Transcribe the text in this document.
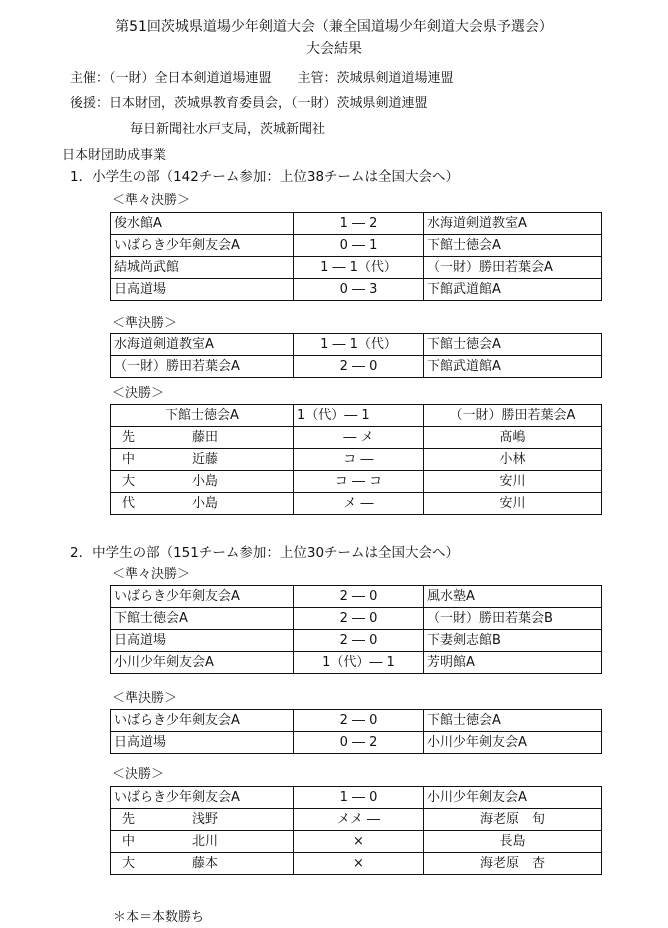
第51回茨城県道場少年剣道大会（兼全国道場少年剣道大会県予選会）
大会結果
主催：（一財）全日本剣道道場連盟　　主管：茨城県剣道道場連盟
後援：日本財団，茨城県教育委員会，（一財）茨城県剣道連盟
毎日新聞社水戸支局，茨城新聞社
日本財団助成事業
1．小学生の部（142チーム参加：上位38チームは全国大会へ）
＜準々決勝＞
俊水館A	1 ― 2	水海道剣道教室A
いばらき少年剣友会A	0 ― 1	下館士徳会A
結城尚武館	1 ― 1（代）	（一財）勝田若葉会A
日高道場	0 ― 3	下館武道館A
＜準決勝＞
水海道剣道教室A	1 ― 1（代）	下館士徳会A
（一財）勝田若葉会A	2 ― 0	下館武道館A
＜決勝＞
下館士徳会A	1（代）― 1	（一財）勝田若葉会A
先 藤田	― メ	髙嶋
中 近藤	コ ―	小林
大 小島	コ ― コ	安川
代 小島	メ ―	安川
2．中学生の部（151チーム参加：上位30チームは全国大会へ）
＜準々決勝＞
いばらき少年剣友会A	2 ― 0	風水塾A
下館士徳会A	2 ― 0	（一財）勝田若葉会B
日高道場	2 ― 0	下妻剣志館B
小川少年剣友会A	1（代）― 1	芳明館A
＜準決勝＞
いばらき少年剣友会A	2 ― 0	下館士徳会A
日高道場	0 ― 2	小川少年剣友会A
＜決勝＞
いばらき少年剣友会A	1 ― 0	小川少年剣友会A
先 浅野	メメ ―	海老原　旬
中 北川	×	長島
大 藤本	×	海老原　杏
＊本＝本数勝ち
